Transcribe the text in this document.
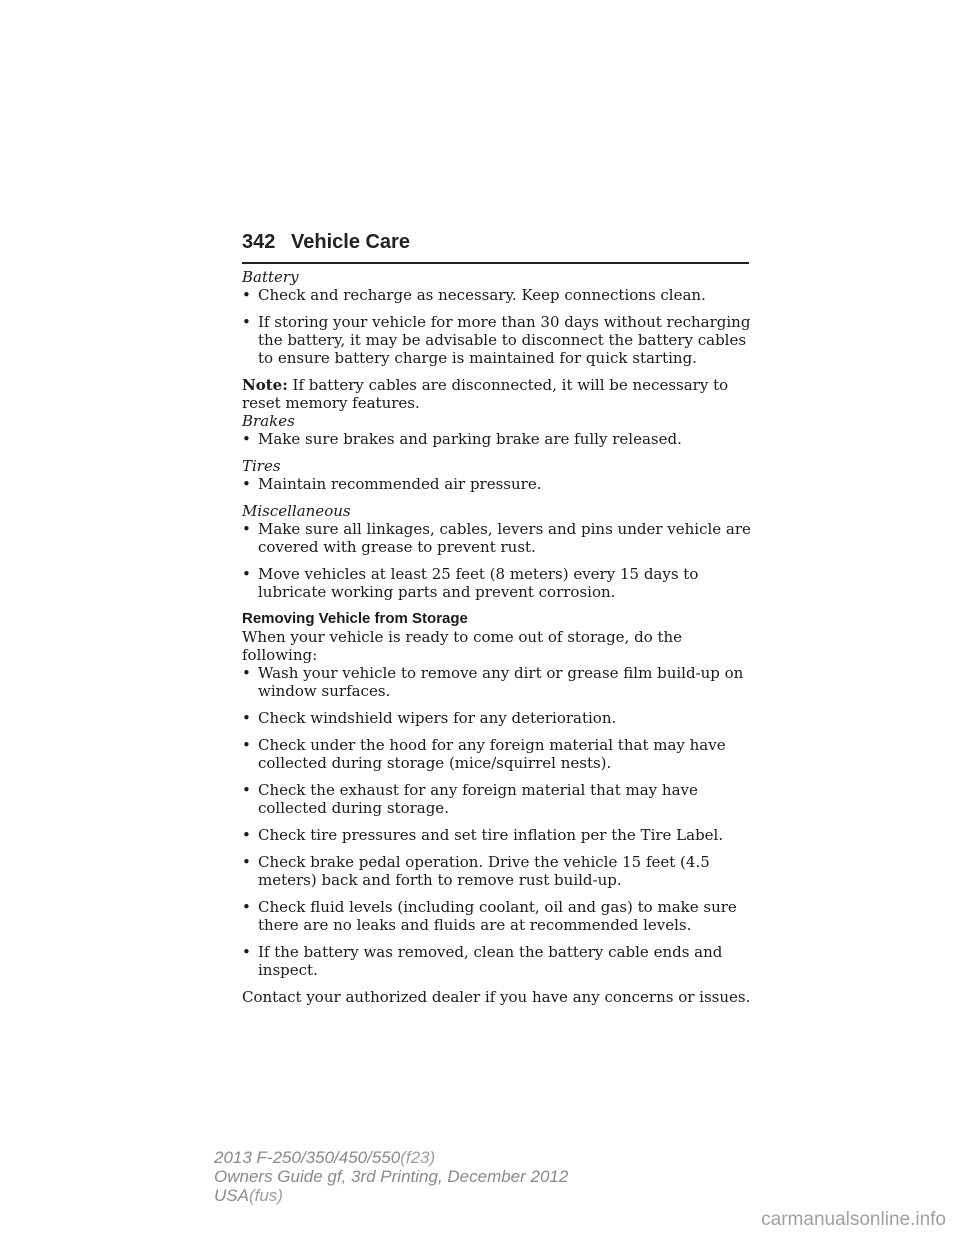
342 Vehicle Care

Battery

• Check and recharge as necessary. Keep connections clean.
• If storing your vehicle for more than 30 days without recharging the battery, it may be advisable to disconnect the battery cables to ensure battery charge is maintained for quick starting.

Note: If battery cables are disconnected, it will be necessary to reset memory features.

Brakes

• Make sure brakes and parking brake are fully released.

Tires

• Maintain recommended air pressure.

Miscellaneous

• Make sure all linkages, cables, levers and pins under vehicle are covered with grease to prevent rust.
• Move vehicles at least 25 feet (8 meters) every 15 days to lubricate working parts and prevent corrosion.

Removing Vehicle from Storage

When your vehicle is ready to come out of storage, do the following:

• Wash your vehicle to remove any dirt or grease film build-up on window surfaces.
• Check windshield wipers for any deterioration.
• Check under the hood for any foreign material that may have collected during storage (mice/squirrel nests).
• Check the exhaust for any foreign material that may have collected during storage.
• Check tire pressures and set tire inflation per the Tire Label.
• Check brake pedal operation. Drive the vehicle 15 feet (4.5 meters) back and forth to remove rust build-up.
• Check fluid levels (including coolant, oil and gas) to make sure there are no leaks and fluids are at recommended levels.
• If the battery was removed, clean the battery cable ends and inspect.

Contact your authorized dealer if you have any concerns or issues.

2013 F-250/350/450/550(f23)
Owners Guide gf, 3rd Printing, December 2012
USA(fus)
carmanualsonline.info
